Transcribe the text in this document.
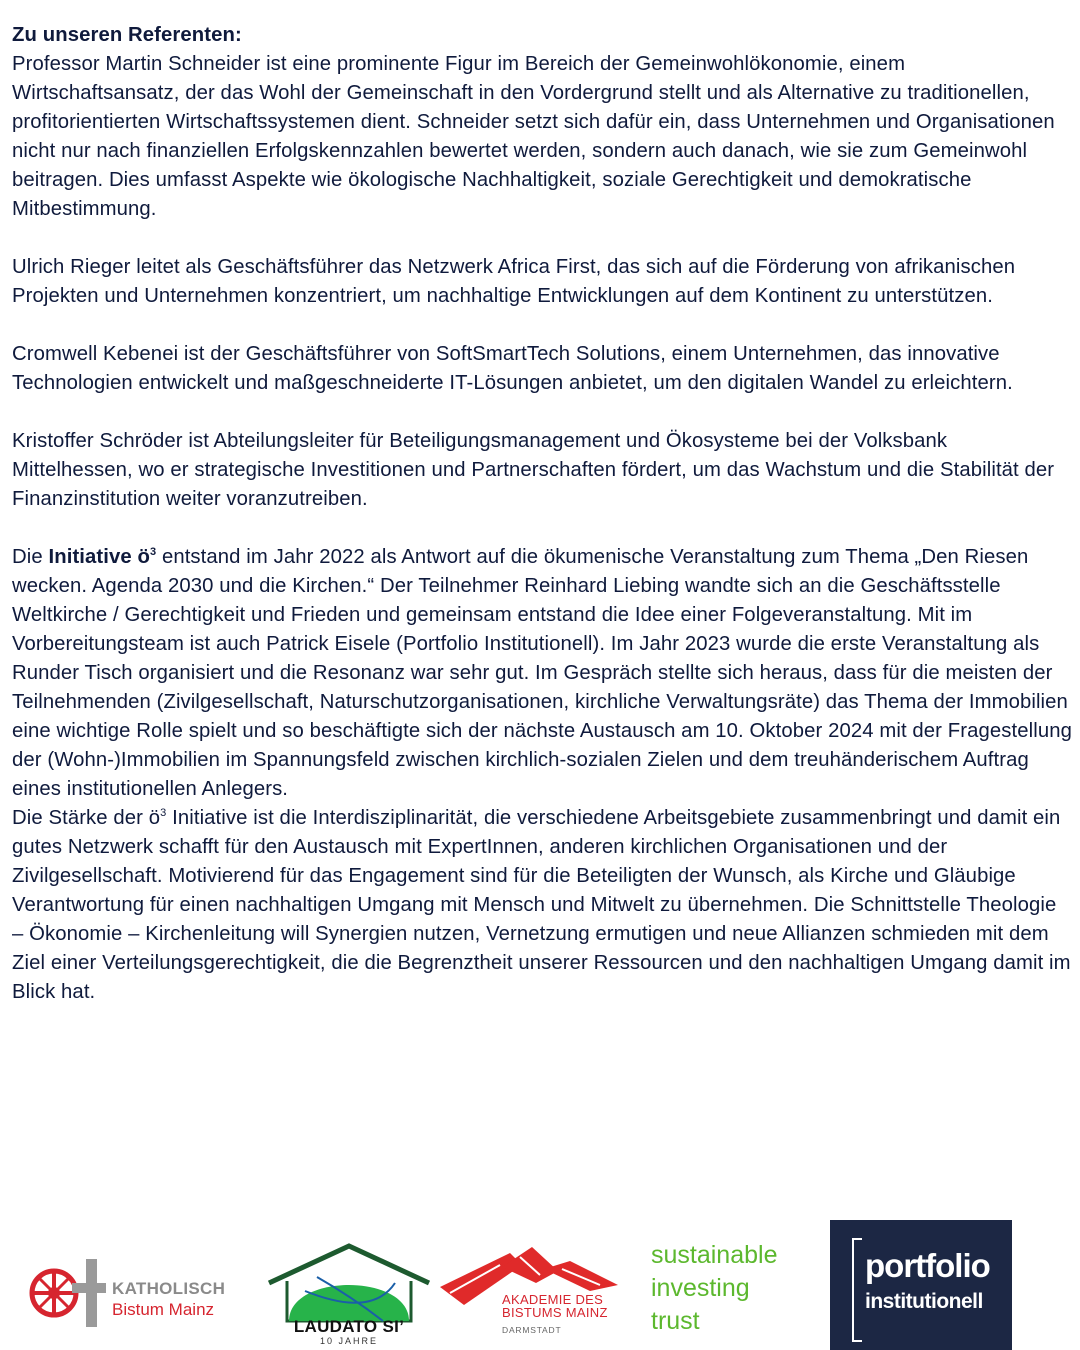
Zu unseren Referenten:

Professor Martin Schneider ist eine prominente Figur im Bereich der Gemeinwohlökonomie, einem Wirtschaftsansatz, der das Wohl der Gemeinschaft in den Vordergrund stellt und als Alternative zu traditionellen, profitorientierten Wirtschaftssystemen dient. Schneider setzt sich dafür ein, dass Unternehmen und Organisationen nicht nur nach finanziellen Erfolgskennzahlen bewertet werden, sondern auch danach, wie sie zum Gemeinwohl beitragen. Dies umfasst Aspekte wie ökologische Nachhaltigkeit, soziale Gerechtigkeit und demokratische Mitbestimmung.

Ulrich Rieger leitet als Geschäftsführer das Netzwerk Africa First, das sich auf die Förderung von afrikanischen Projekten und Unternehmen konzentriert, um nachhaltige Entwicklungen auf dem Kontinent zu unterstützen.

Cromwell Kebenei ist der Geschäftsführer von SoftSmartTech Solutions, einem Unternehmen, das innovative Technologien entwickelt und maßgeschneiderte IT-Lösungen anbietet, um den digitalen Wandel zu erleichtern.

Kristoffer Schröder ist Abteilungsleiter für Beteiligungsmanagement und Ökosysteme bei der Volksbank Mittelhessen, wo er strategische Investitionen und Partnerschaften fördert, um das Wachstum und die Stabilität der Finanzinstitution weiter voranzutreiben.

Die Initiative $ö^3$ entstand im Jahr 2022 als Antwort auf die ökumenische Veranstaltung zum Thema „Den Riesen wecken. Agenda 2030 und die Kirchen.“ Der Teilnehmer Reinhard Liebing wandte sich an die Geschäftsstelle Weltkirche / Gerechtigkeit und Frieden und gemeinsam entstand die Idee einer Folgeveranstaltung. Mit im Vorbereitungsteam ist auch Patrick Eisele (Portfolio Institutionell). Im Jahr 2023 wurde die erste Veranstaltung als Runder Tisch organisiert und die Resonanz war sehr gut. Im Gespräch stellte sich heraus, dass für die meisten der Teilnehmenden (Zivilgesellschaft, Naturschutzorganisationen, kirchliche Verwaltungsräte) das Thema der Immobilien eine wichtige Rolle spielt und so beschäftigte sich der nächste Austausch am 10. Oktober 2024 mit der Fragestellung der (Wohn-)Immobilien im Spannungsfeld zwischen kirchlich-sozialen Zielen und dem treuhänderischem Auftrag eines institutionellen Anlegers.

Die Stärke der $ö^3$ Initiative ist die Interdisziplinarität, die verschiedene Arbeitsgebiete zusammenbringt und damit ein gutes Netzwerk schafft für den Austausch mit ExpertInnen, anderen kirchlichen Organisationen und der Zivilgesellschaft. Motivierend für das Engagement sind für die Beteiligten der Wunsch, als Kirche und Gläubige Verantwortung für einen nachhaltigen Umgang mit Mensch und Mitwelt zu übernehmen. Die Schnittstelle Theologie – Ökonomie – Kirchenleitung will Synergien nutzen, Vernetzung ermutigen und neue Allianzen schmieden mit dem Ziel einer Verteilungsgerechtigkeit, die die Begrenztheit unserer Ressourcen und den nachhaltigen Umgang damit im Blick hat.

KATHOLISCH
Bistum Mainz
LAUDATO SI’
10 JAHRE
AKADEMIE DES
BISTUMS MAINZ
DARMSTADT
sustainable
investing
trust
portfolio
institutionell
